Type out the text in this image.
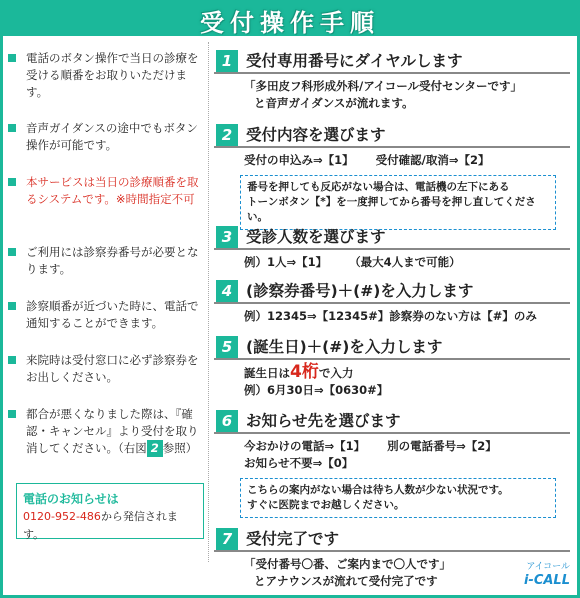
受付操作手順
電話のボタン操作で当日の診療を受ける順番をお取りいただけます。
音声ガイダンスの途中でもボタン操作が可能です。
本サービスは当日の診療順番を取るシステムです。※時間指定不可
ご利用には診察券番号が必要となります。
診察順番が近づいた時に、電話で通知することができます。
来院時は受付窓口に必ず診察券をお出しください。
都合が悪くなりました際は、『確認・キャンセル』より受付を取り消してください。（右図 2 参照）
電話のお知らせは
0120-952-486から発信されます。
1 受付専用番号にダイヤルします
「多田皮フ科形成外科/アイコール受付センターです」
と音声ガイダンスが流れます。
2 受付内容を選びます
受付の申込み⇒【1】 受付確認/取消⇒【2】
番号を押しても反応がない場合は、電話機の左下にある
トーンボタン【*】を一度押してから番号を押し直してください。
3 受診人数を選びます
例）1人⇒【1】 （最大4人まで可能）
4 (診察券番号)＋(#)を入力します
例）12345⇒【12345#】診察券のない方は【#】のみ
5 (誕生日)＋(#)を入力します
誕生日は4桁で入力
例）6月30日⇒【0630#】
6 お知らせ先を選びます
今おかけの電話⇒【1】 別の電話番号⇒【2】
お知らせ不要⇒【0】
こちらの案内がない場合は待ち人数が少ない状況です。
すぐに医院までお越しください。
7 受付完了です
「受付番号〇番、ご案内まで〇人です」
とアナウンスが流れて受付完了です
アイコール
i-CALL
